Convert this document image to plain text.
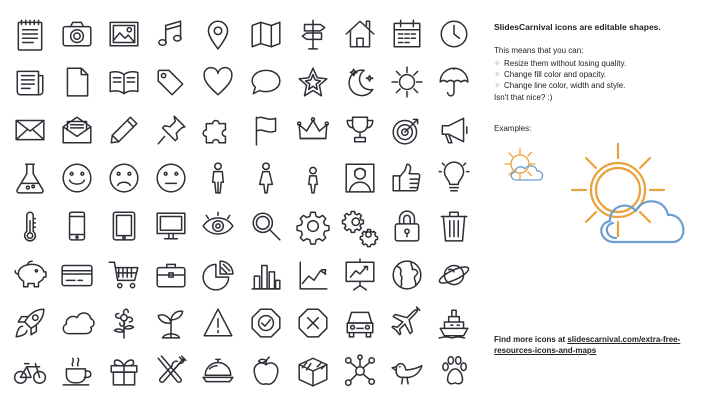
SlidesCarnival icons are editable shapes.

This means that you can:

✧ Resize them without losing quality.
✧ Change fill color and opacity.
✧ Change line color, width and style.

Isn't that nice? :)

Examples:

Find more icons at slidescarnival.com/extra-free-resources-icons-and-maps
